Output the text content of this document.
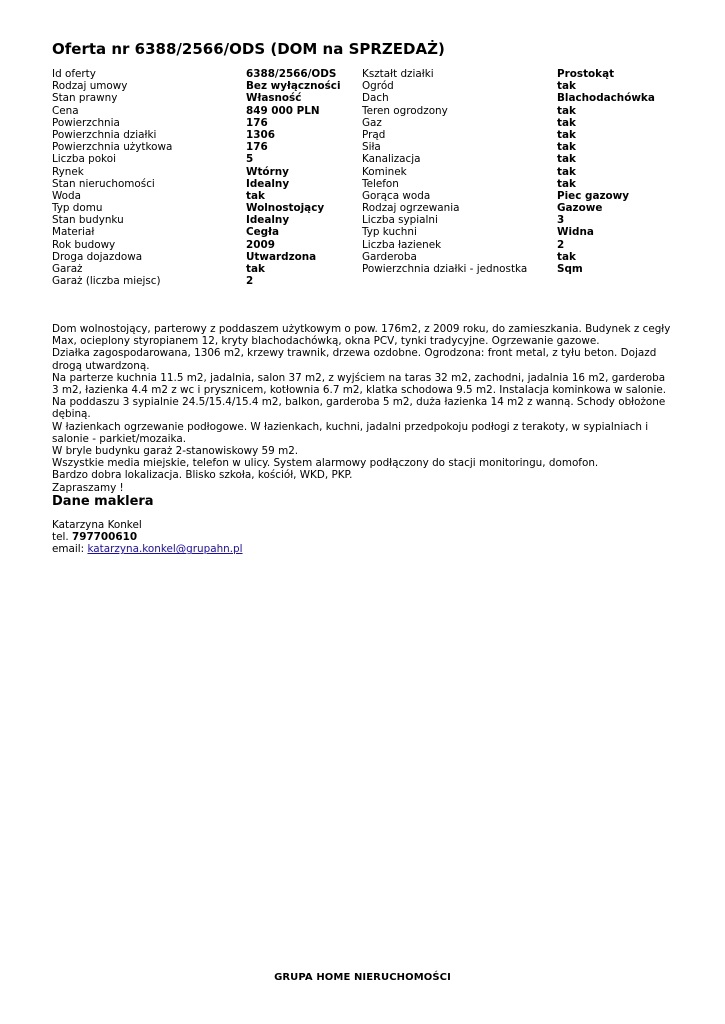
Oferta nr 6388/2566/ODS (DOM na SPRZEDAŻ)
Id oferty
Rodzaj umowy
Stan prawny
Cena
Powierzchnia
Powierzchnia działki
Powierzchnia użytkowa
Liczba pokoi
Rynek
Stan nieruchomości
Woda
Typ domu
Stan budynku
Materiał
Rok budowy
Droga dojazdowa
Garaż
Garaż (liczba miejsc)
6388/2566/ODS
Bez wyłączności
Własność
849 000 PLN
176
1306
176
5
Wtórny
Idealny
tak
Wolnostojący
Idealny
Cegła
2009
Utwardzona
tak
2
Kształt działki
Ogród
Dach
Teren ogrodzony
Gaz
Prąd
Siła
Kanalizacja
Kominek
Telefon
Gorąca woda
Rodzaj ogrzewania
Liczba sypialni
Typ kuchni
Liczba łazienek
Garderoba
Powierzchnia działki - jednostka
Prostokąt
tak
Blachodachówka
tak
tak
tak
tak
tak
tak
tak
Piec gazowy
Gazowe
3
Widna
2
tak
Sqm

Dom wolnostojący, parterowy z poddaszem użytkowym o pow. 176m2, z 2009 roku, do zamieszkania. Budynek z cegły Max, ocieplony styropianem 12, kryty blachodachówką, okna PCV, tynki tradycyjne. Ogrzewanie gazowe.

Działka zagospodarowana, 1306 m2, krzewy trawnik, drzewa ozdobne. Ogrodzona: front metal, z tyłu beton. Dojazd drogą utwardzoną.

Na parterze kuchnia 11.5 m2, jadalnia, salon 37 m2, z wyjściem na taras 32 m2, zachodni, jadalnia 16 m2, garderoba 3 m2, łazienka 4.4 m2 z wc i prysznicem, kotłownia 6.7 m2, klatka schodowa 9.5 m2. Instalacja kominkowa w salonie.

Na poddaszu 3 sypialnie 24.5/15.4/15.4 m2, balkon, garderoba 5 m2, duża łazienka 14 m2 z wanną. Schody obłożone dębiną.

W łazienkach ogrzewanie podłogowe. W łazienkach, kuchni, jadalni przedpokoju podłogi z terakoty, w sypialniach i salonie - parkiet/mozaika.

W bryle budynku garaż 2-stanowiskowy 59 m2.

Wszystkie media miejskie, telefon w ulicy. System alarmowy podłączony do stacji monitoringu, domofon.

Bardzo dobra lokalizacja. Blisko szkoła, kościół, WKD, PKP.

Zapraszamy !

Dane maklera
Katarzyna Konkel
tel. 797700610
email: katarzyna.konkel@grupahn.pl
GRUPA HOME NIERUCHOMOŚCI
